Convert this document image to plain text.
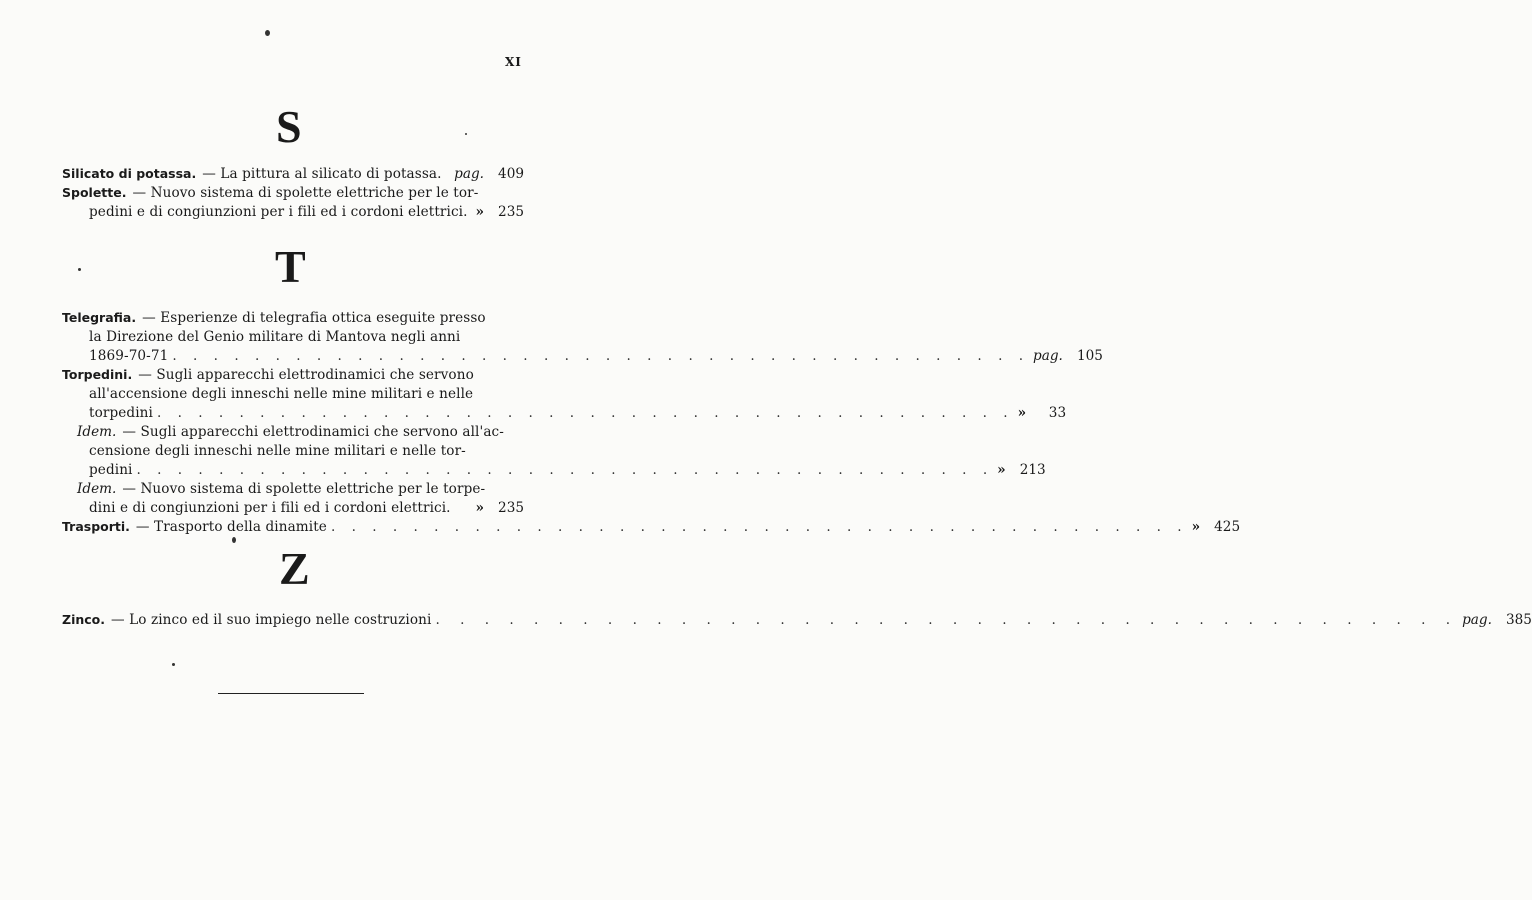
XI
S
Silicato di potassa. — La pittura al silicato di potassa. pag. 409
Spolette. — Nuovo sistema di spolette elettriche per le tor-
pedini e di congiunzioni per i fili ed i cordoni elettrici. » 235
T
Telegrafia. — Esperienze di telegrafia ottica eseguite presso
la Direzione del Genio militare di Mantova negli anni
1869-70-71 . . . . . . . . . . . . . . . . . . . . . . . . . . . . . . . . . . . . . . . . . . pag. 105
Torpedini. — Sugli apparecchi elettrodinamici che servono
all'accensione degli inneschi nelle mine militari e nelle
torpedini . . . . . . . . . . . . . . . . . . . . . . . . . . . . . . . . . . . . . . . . . . »	33
Idem. — Sugli apparecchi elettrodinamici che servono all'ac-
censione degli inneschi nelle mine militari e nelle tor-
pedini . . . . . . . . . . . . . . . . . . . . . . . . . . . . . . . . . . . . . . . . . . » 213
Idem. — Nuovo sistema di spolette elettriche per le torpe-
dini e di congiunzioni per i fili ed i cordoni elettrici. » 235
Trasporti. — Trasporto della dinamite . . . . . . . . . . . . . . . . . . . . . . . . . . . . . . . . . . . . . . . . . . » 425
Z
Zinco. — Lo zinco ed il suo impiego nelle costruzioni . . . . . . . . . . . . . . . . . . . . . . . . . . . . . . . . . . . . . . . . . . pag. 385
